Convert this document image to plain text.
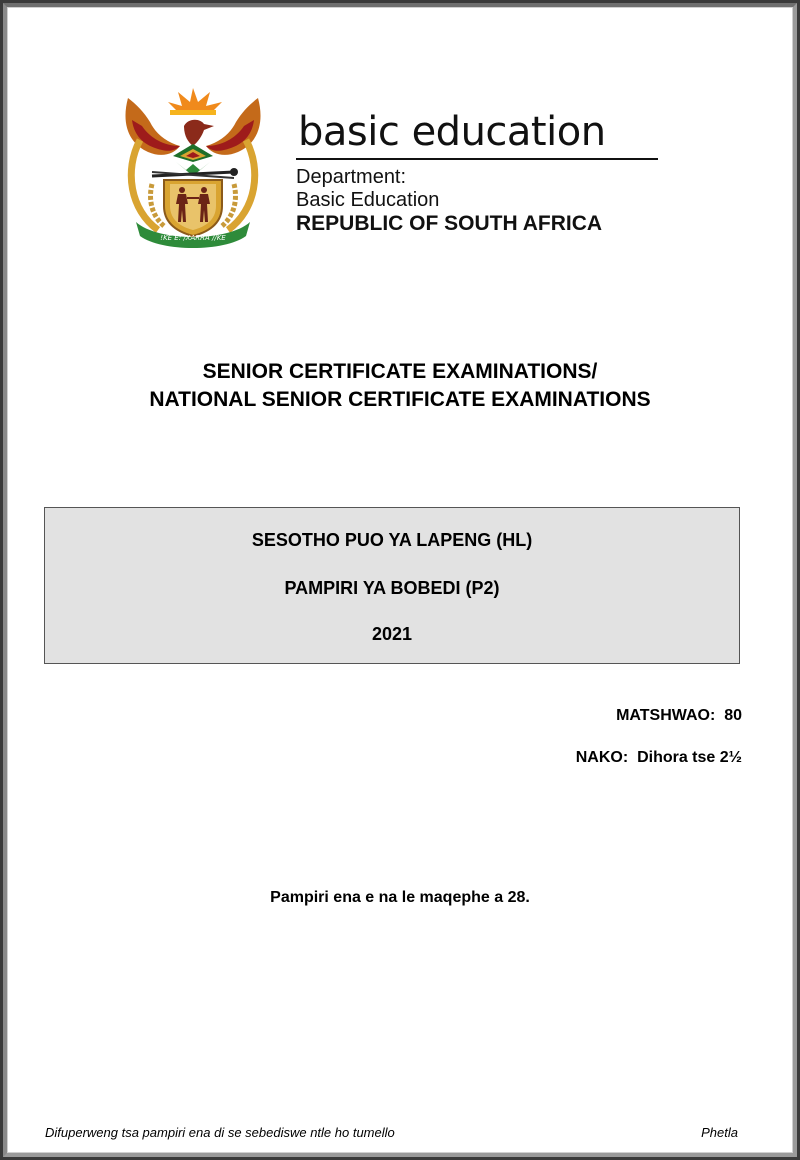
!KE E: /XARRA //KE
basic education
Department:
Basic Education
REPUBLIC OF SOUTH AFRICA
SENIOR CERTIFICATE EXAMINATIONS/
NATIONAL SENIOR CERTIFICATE EXAMINATIONS
SESOTHO PUO YA LAPENG (HL)
PAMPIRI YA BOBEDI (P2)
2021
MATSHWAO: 80
NAKO: Dihora tse 2½
Pampiri ena e na le maqephe a 28.
Difuperweng tsa pampiri ena di se sebediswe ntle ho tumello	Phetla
